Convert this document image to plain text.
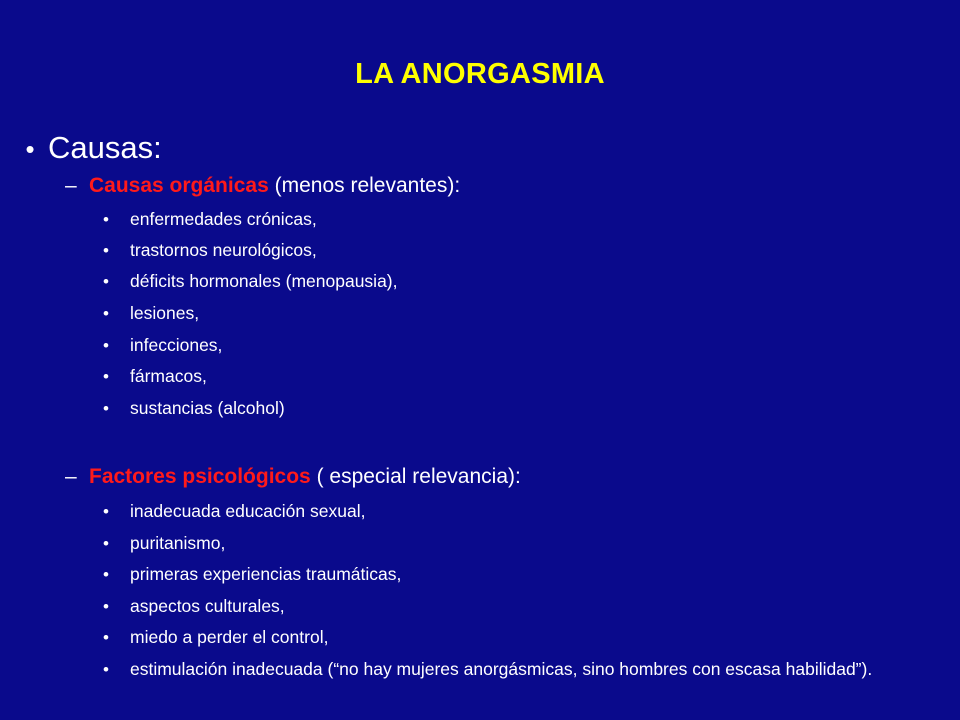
LA ANORGASMIA
• Causas:
– Causas orgánicas (menos relevantes):
•	enfermedades crónicas,
•	trastornos neurológicos,
•	déficits hormonales (menopausia),
•	lesiones,
•	infecciones,
•	fármacos,
•	sustancias (alcohol)
– Factores psicológicos ( especial relevancia):
•	inadecuada educación sexual,
•	puritanismo,
•	primeras experiencias traumáticas,
•	aspectos culturales,
•	miedo a perder el control,
•	estimulación inadecuada (“no hay mujeres anorgásmicas, sino hombres con escasa habilidad”).
